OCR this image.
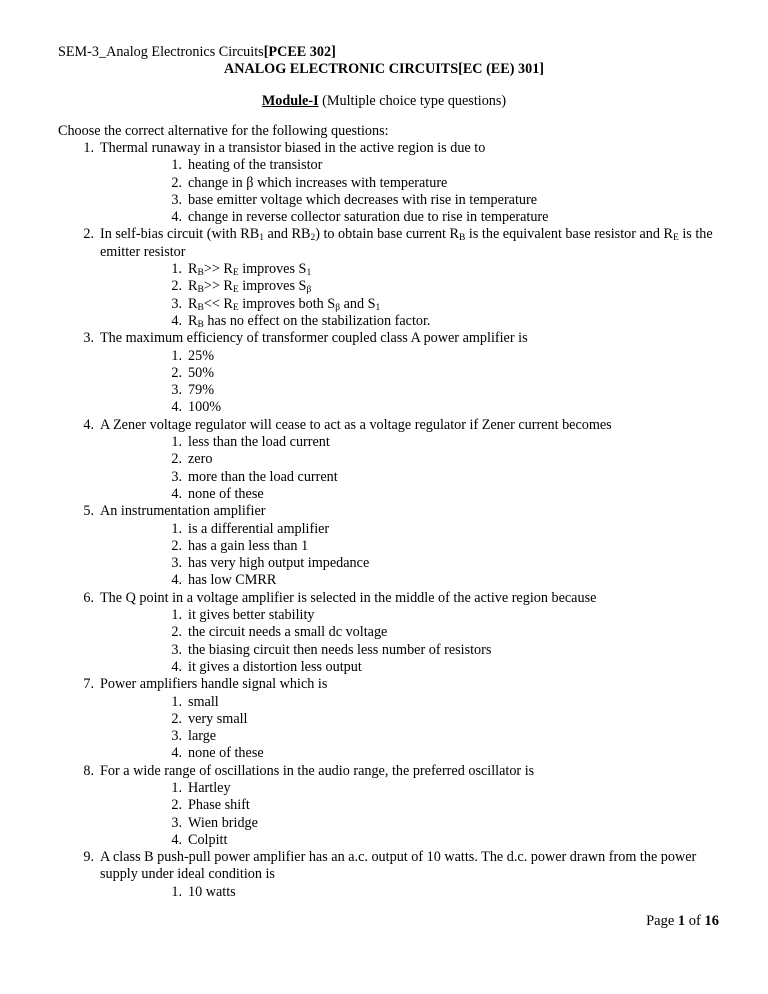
SEM-3_Analog Electronics Circuits[PCEE 302]
ANALOG ELECTRONIC CIRCUITS[EC (EE) 301]
Module-I (Multiple choice type questions)
Choose the correct alternative for the following questions:
1. Thermal runaway in a transistor biased in the active region is due to
1. heating of the transistor
2. change in β which increases with temperature
3. base emitter voltage which decreases with rise in temperature
4. change in reverse collector saturation due to rise in temperature
2. In self-bias circuit (with $RB_1$ and $RB_2$) to obtain base current $R_B$ is the equivalent base resistor and $R_E$ is the emitter resistor
1. $R_B>> R_E$ improves $S_1$
2. $R_B>> R_E$ improves $S_\beta$
3. $R_B<< R_E$ improves both $S_\beta$ and $S_1$
4. $R_B$ has no effect on the stabilization factor.
3. The maximum efficiency of transformer coupled class A power amplifier is
1. 25%
2. 50%
3. 79%
4. 100%
4. A Zener voltage regulator will cease to act as a voltage regulator if Zener current becomes
1. less than the load current
2. zero
3. more than the load current
4. none of these
5. An instrumentation amplifier
1. is a differential amplifier
2. has a gain less than 1
3. has very high output impedance
4. has low CMRR
6. The Q point in a voltage amplifier is selected in the middle of the active region because
1. it gives better stability
2. the circuit needs a small dc voltage
3. the biasing circuit then needs less number of resistors
4. it gives a distortion less output
7. Power amplifiers handle signal which is
1. small
2. very small
3. large
4. none of these
8. For a wide range of oscillations in the audio range, the preferred oscillator is
1. Hartley
2. Phase shift
3. Wien bridge
4. Colpitt
9. A class B push-pull power amplifier has an a.c. output of 10 watts. The d.c. power drawn from the power supply under ideal condition is
1. 10 watts
Page 1 of 16
